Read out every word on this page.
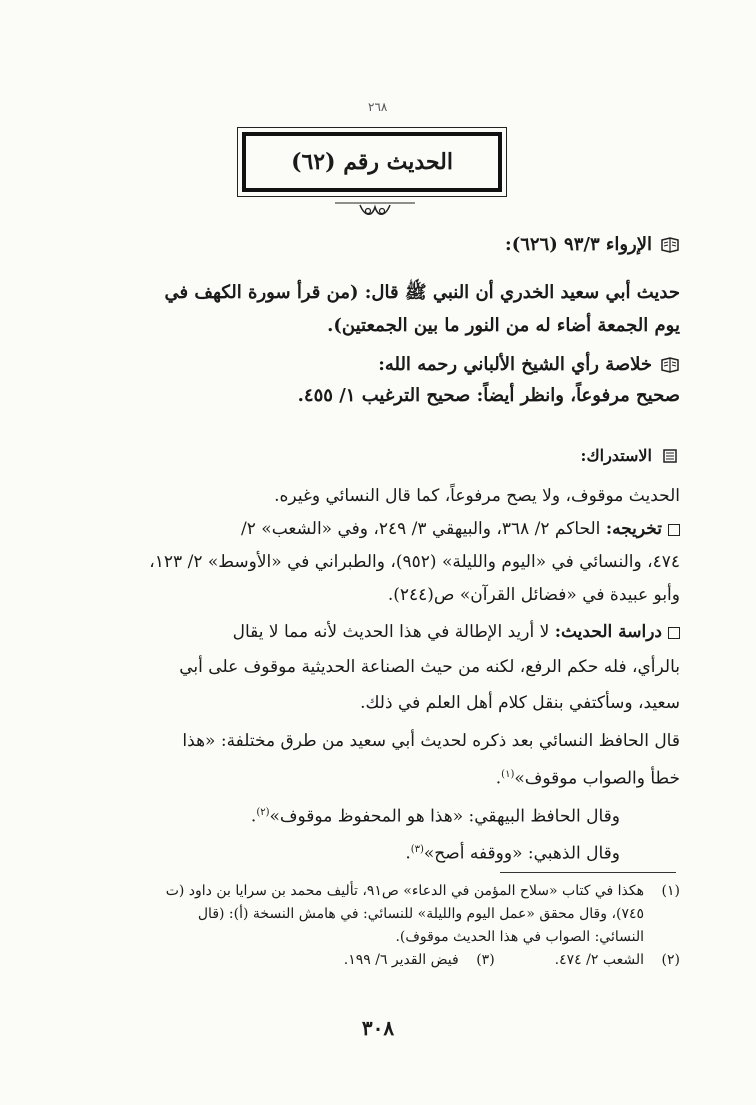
٢٦٨
الحديث رقم (٦٢)
الإرواء ٩٣/٣ (٦٢٦):
حديث أبي سعيد الخدري أن النبي ﷺ قال: (من قرأ سورة الكهف في
يوم الجمعة أضاء له من النور ما بين الجمعتين).
خلاصة رأي الشيخ الألباني رحمه الله:
صحيح مرفوعاً، وانظر أيضاً: صحيح الترغيب ١/ ٤٥٥.
الاستدراك:
الحديث موقوف، ولا يصح مرفوعاً، كما قال النسائي وغيره.
تخريجه: الحاكم ٢/ ٣٦٨، والبيهقي ٣/ ٢٤٩، وفي «الشعب» ٢/
٤٧٤، والنسائي في «اليوم والليلة» (٩٥٢)، والطبراني في «الأوسط» ٢/ ١٢٣،
وأبو عبيدة في «فضائل القرآن» ص(٢٤٤).
دراسة الحديث: لا أريد الإطالة في هذا الحديث لأنه مما لا يقال
بالرأي، فله حكم الرفع، لكنه من حيث الصناعة الحديثية موقوف على أبي
سعيد، وسأكتفي بنقل كلام أهل العلم في ذلك.
قال الحافظ النسائي بعد ذكره لحديث أبي سعيد من طرق مختلفة: «هذا
خطأ والصواب موقوف»$^{(١)}$.
وقال الحافظ البيهقي: «هذا هو المحفوظ موقوف»$^{(٢)}$.
وقال الذهبي: «ووقفه أصح»$^{(٣)}$.
(١)
هكذا في كتاب «سلاح المؤمن في الدعاء» ص٩١، تأليف محمد بن سرايا بن داود (ت
٧٤٥)، وقال محقق «عمل اليوم والليلة» للنسائي: في هامش النسخة (أ): (قال
النسائي: الصواب في هذا الحديث موقوف).
(٢)
الشعب ٢/ ٤٧٤.
(٣)
فيض القدير ٦/ ١٩٩.
٣٠٨
